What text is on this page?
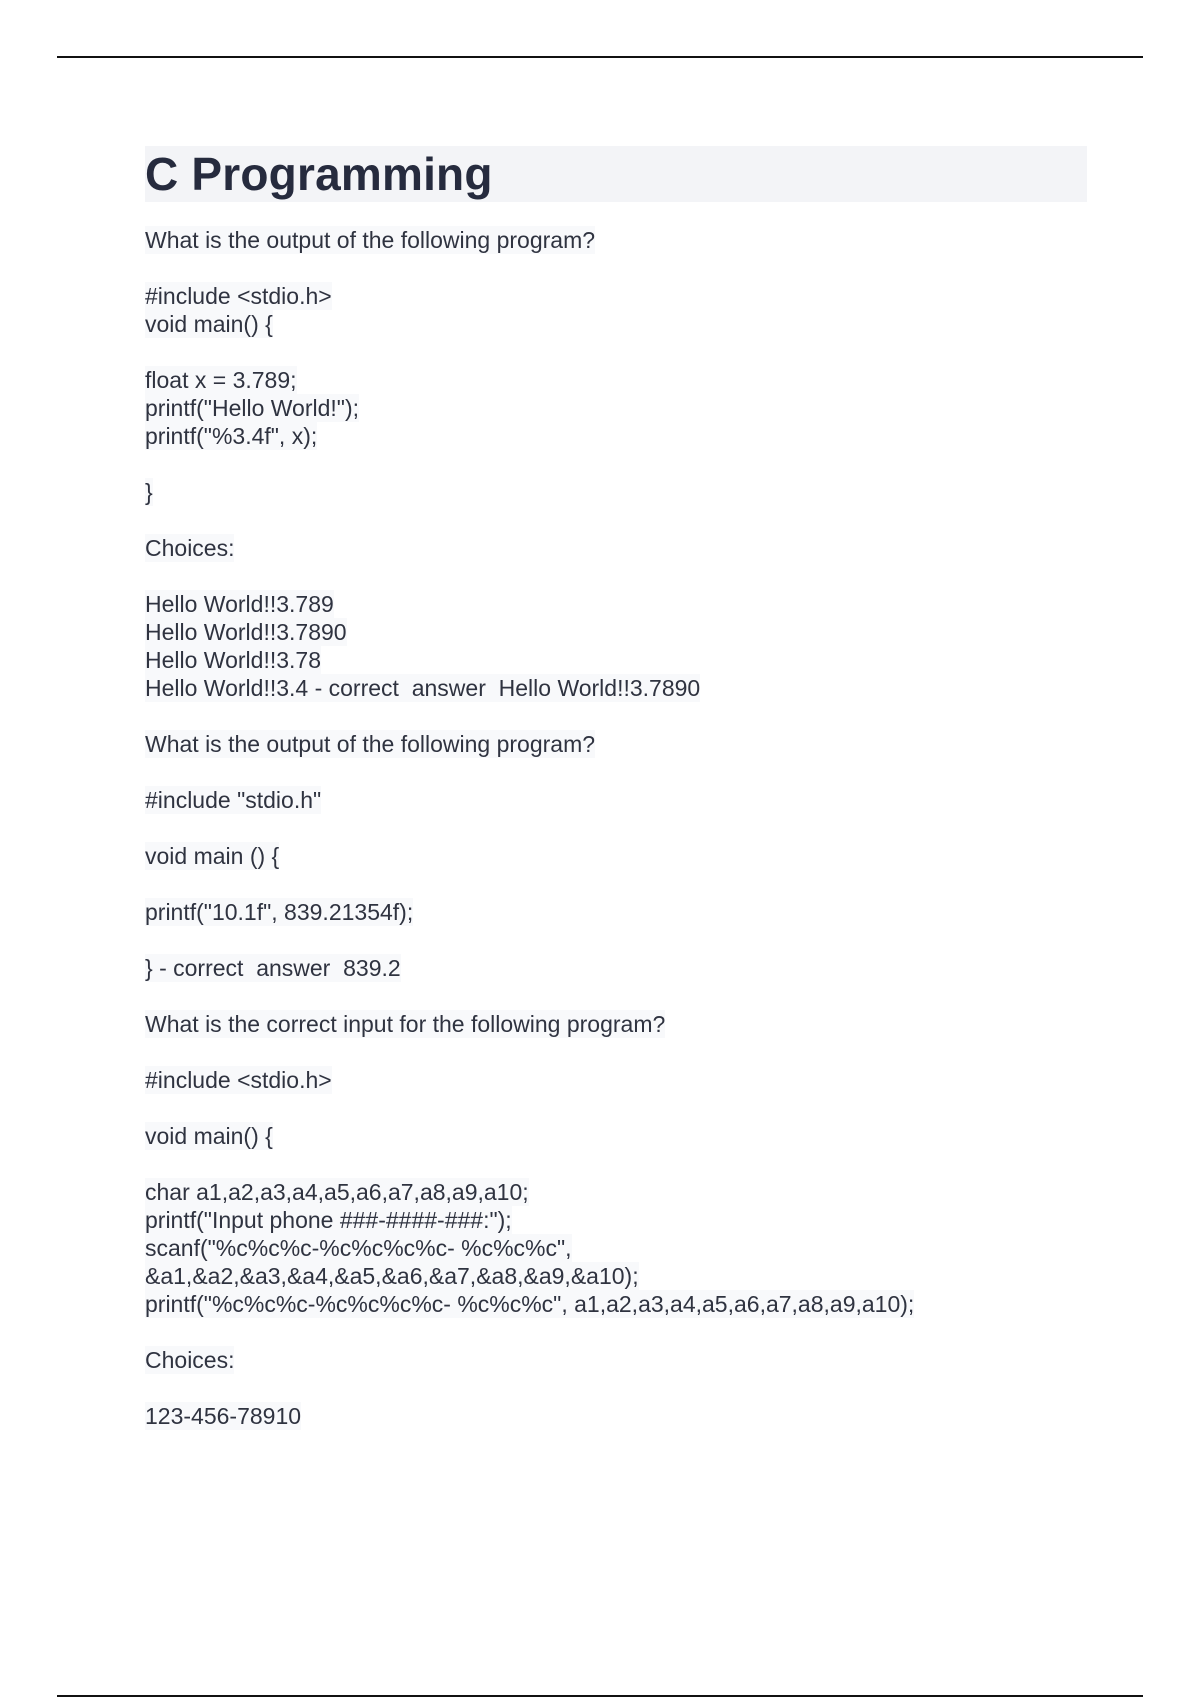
C Programming
What is the output of the following program?
#include <stdio.h>
void main() {
float x = 3.789;
printf("Hello World!");
printf("%3.4f", x);
}
Choices:
Hello World!!3.789
Hello World!!3.7890
Hello World!!3.78
Hello World!!3.4 - correct  answer  Hello World!!3.7890
What is the output of the following program?
#include "stdio.h"
void main () {
printf("10.1f", 839.21354f);
} - correct  answer  839.2
What is the correct input for the following program?
#include <stdio.h>
void main() {
char a1,a2,a3,a4,a5,a6,a7,a8,a9,a10;
printf("Input phone ###-####-###:");
scanf("%c%c%c-%c%c%c%c- %c%c%c",
&a1,&a2,&a3,&a4,&a5,&a6,&a7,&a8,&a9,&a10);
printf("%c%c%c-%c%c%c%c- %c%c%c", a1,a2,a3,a4,a5,a6,a7,a8,a9,a10);
Choices:
123-456-78910
